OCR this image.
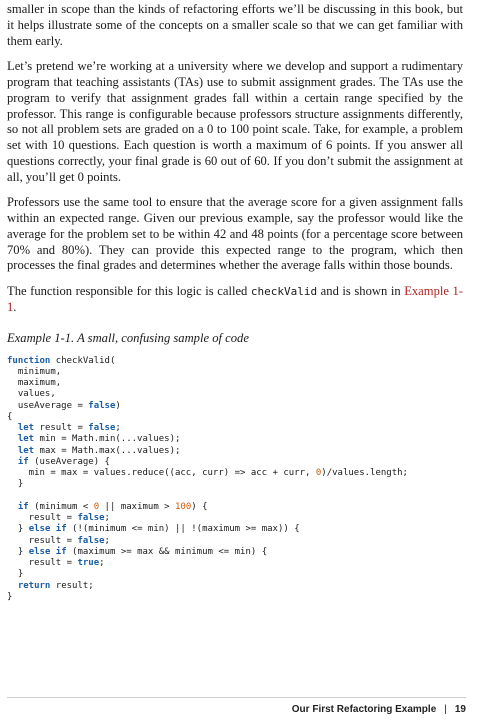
smaller in scope than the kinds of refactoring efforts we’ll be discussing in this book, but it helps illustrate some of the concepts on a smaller scale so that we can get familiar with them early.

Let’s pretend we’re working at a university where we develop and support a rudimentary program that teaching assistants (TAs) use to submit assignment grades. The TAs use the program to verify that assignment grades fall within a certain range specified by the professor. This range is configurable because professors structure assignments differently, so not all problem sets are graded on a 0 to 100 point scale. Take, for example, a problem set with 10 questions. Each question is worth a maximum of 6 points. If you answer all questions correctly, your final grade is 60 out of 60. If you don’t submit the assignment at all, you’ll get 0 points.

Professors use the same tool to ensure that the average score for a given assignment falls within an expected range. Given our previous example, say the professor would like the average for the problem set to be within 42 and 48 points (for a percentage score between 70% and 80%). They can provide this expected range to the program, which then processes the final grades and determines whether the average falls within those bounds.

The function responsible for this logic is called checkValid and is shown in Example 1-1.

Example 1-1. A small, confusing sample of code
function checkValid(
minimum,
maximum,
values,
useAverage = false)
{
let result = false;
let min = Math.min(...values);
let max = Math.max(...values);
if (useAverage) {
min = max = values.reduce((acc, curr) => acc + curr, 0)/values.length;
}

if (minimum < 0 || maximum > 100) {
result = false;
} else if (!(minimum <= min) || !(maximum >= max)) {
result = false;
} else if (maximum >= max && minimum <= min) {
result = true;
}
return result;
}
Our First Refactoring Example | 19
